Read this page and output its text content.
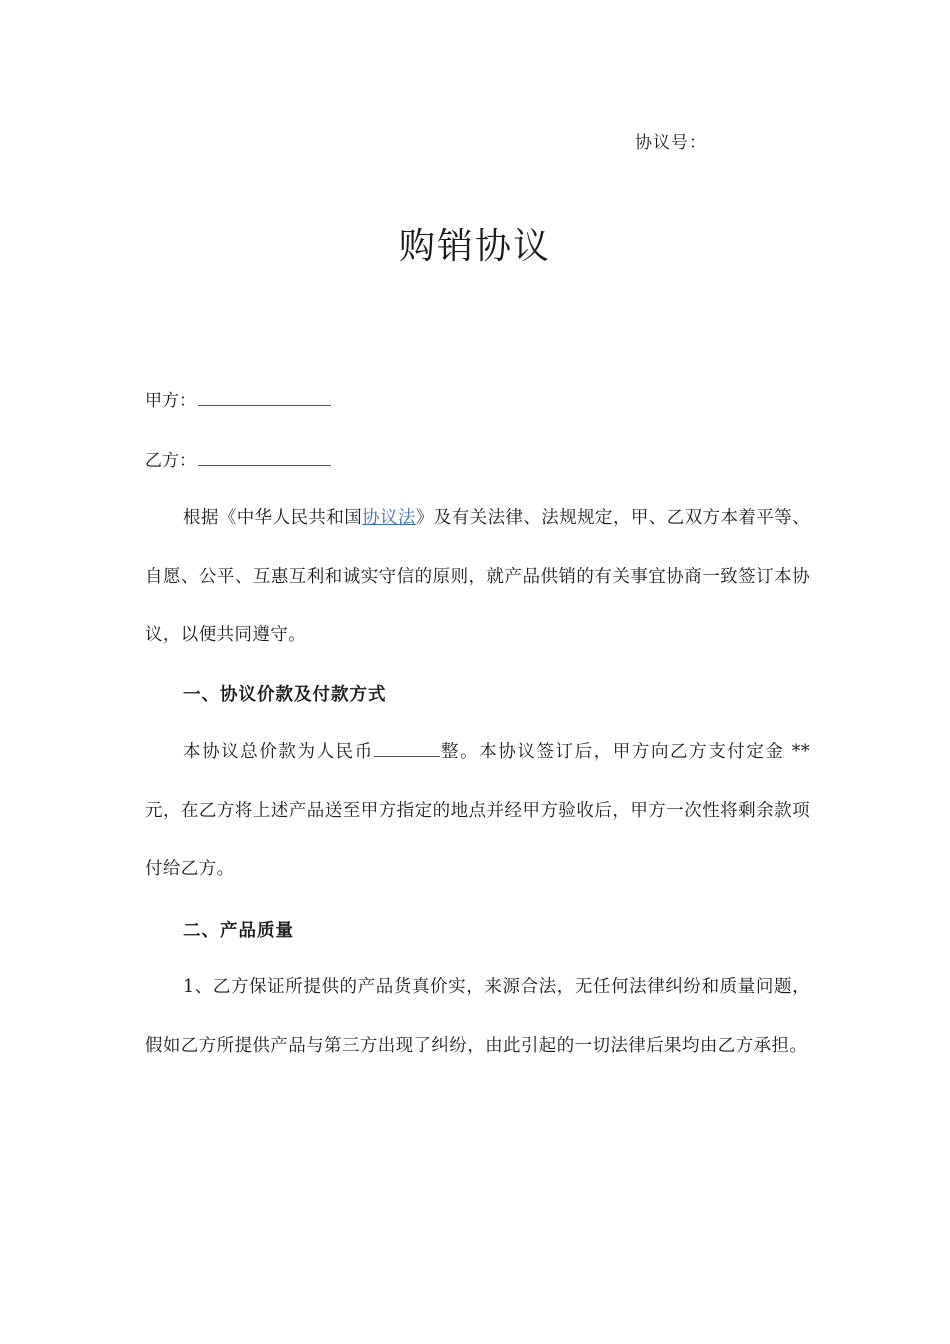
协议号：
购销协议
甲方：
乙方：

根据《中华人民共和国协议法》及有关法律、法规规定，甲、乙双方本着平等、自愿、公平、互惠互利和诚实守信的原则，就产品供销的有关事宜协商一致签订本协议，以便共同遵守。

一、协议价款及付款方式

本协议总价款为人民币	整。本协议签订后，甲方向乙方支付定金 **元，在乙方将上述产品送至甲方指定的地点并经甲方验收后，甲方一次性将剩余款项付给乙方。

二、产品质量

1、乙方保证所提供的产品货真价实，来源合法，无任何法律纠纷和质量问题，假如乙方所提供产品与第三方出现了纠纷，由此引起的一切法律后果均由乙方承担。
